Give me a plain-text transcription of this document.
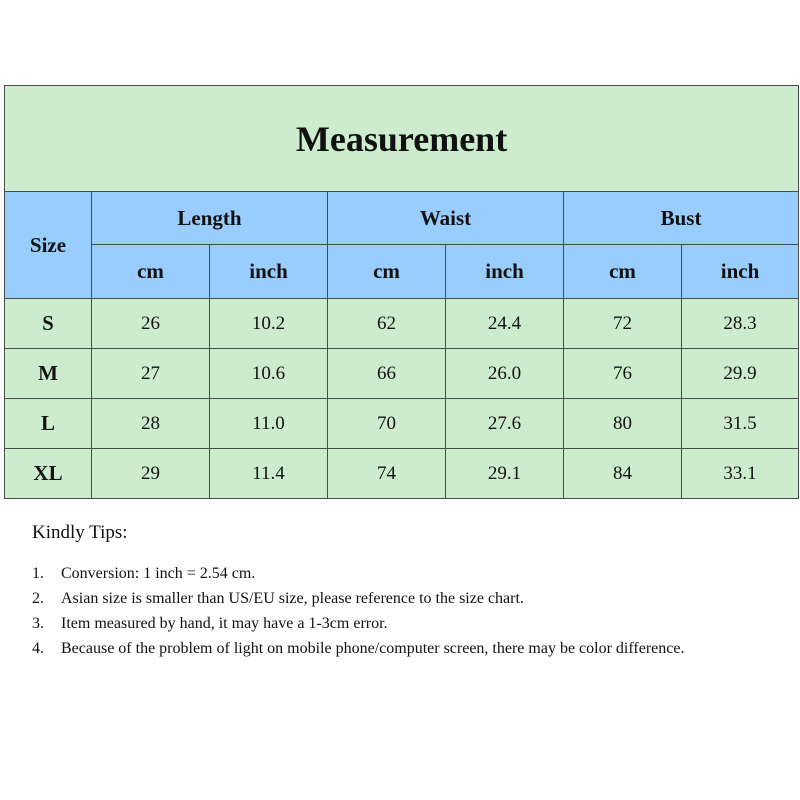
Measurement						
Size	Length		Waist		Bust	
	cm	inch	cm	inch	cm	inch
S	26	10.2	62	24.4	72	28.3
M	27	10.6	66	26.0	76	29.9
L	28	11.0	70	27.6	80	31.5
XL	29	11.4	74	29.1	84	33.1
Kindly Tips:
1.	Conversion: 1 inch = 2.54 cm.
2.	Asian size is smaller than US/EU size, please reference to the size chart.
3.	Item measured by hand, it may have a 1-3cm error.
4.	Because of the problem of light on mobile phone/computer screen, there may be color difference.
